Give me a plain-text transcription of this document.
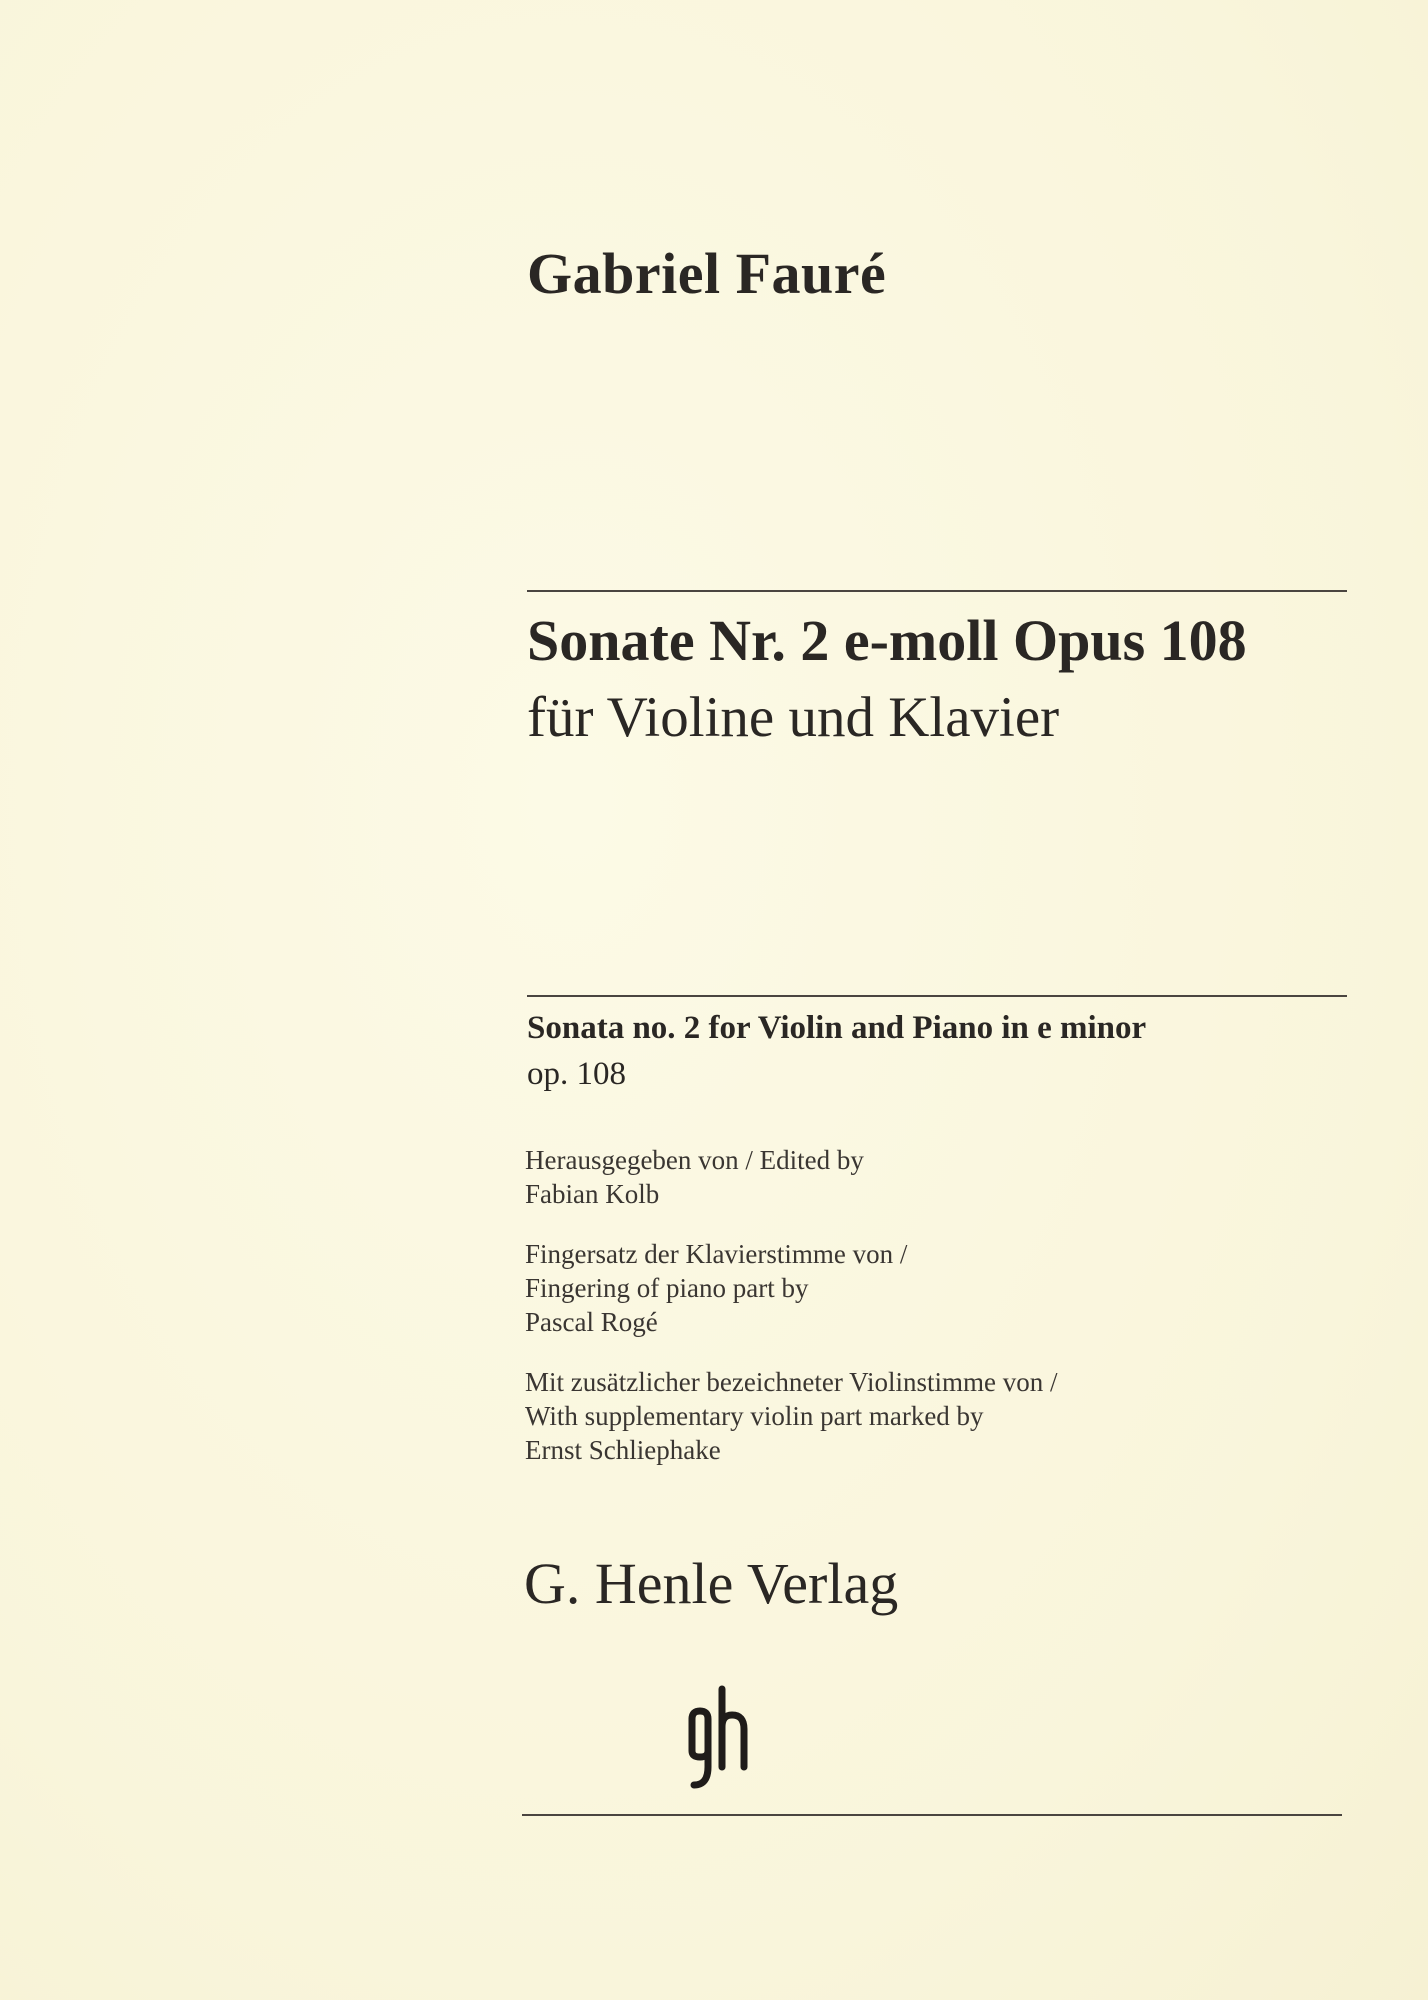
Gabriel Fauré
Sonate Nr. 2 e-moll Opus 108
für Violine und Klavier
Sonata no. 2 for Violin and Piano in e minor
op. 108
Herausgegeben von / Edited by
Fabian Kolb
Fingersatz der Klavierstimme von /
Fingering of piano part by
Pascal Rogé
Mit zusätzlicher bezeichneter Violinstimme von /
With supplementary violin part marked by
Ernst Schliephake
G. Henle Verlag
